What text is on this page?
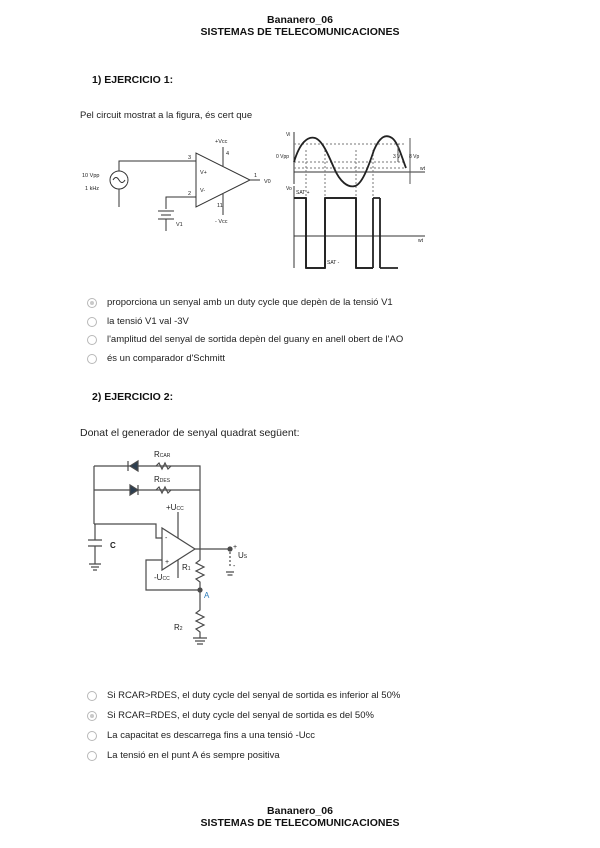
Bananero_06
SISTEMAS DE TELECOMUNICACIONES
1) EJERCICIO 1:
Pel circuit mostrat a la figura, és cert que
10 Vpp
1 kHz
+Vcc
- Vcc
3
4
2
11
1
V+
V-
V0
V1
Vi
0 Vpp	3 V 8 Vp
wt
Vo
SAT +
SAT -
wt
proporciona un senyal amb un duty cycle que depèn de la tensió V1
la tensió V1 val -3V
l'amplitud del senyal de sortida depèn del guany en anell obert de l'AO
és un comparador d'Schmitt
2) EJERCICIO 2:
Donat el generador de senyal quadrat següent:
RCAR
RDES
+UCC
-UCC
C
R1
R2
US
A
+
-
-
+
Si RCAR>RDES, el duty cycle del senyal de sortida es inferior al 50%
Si RCAR=RDES, el duty cycle del senyal de sortida es del 50%
La capacitat es descarrega fins a una tensió -Ucc
La tensió en el punt A és sempre positiva
Bananero_06
SISTEMAS DE TELECOMUNICACIONES
